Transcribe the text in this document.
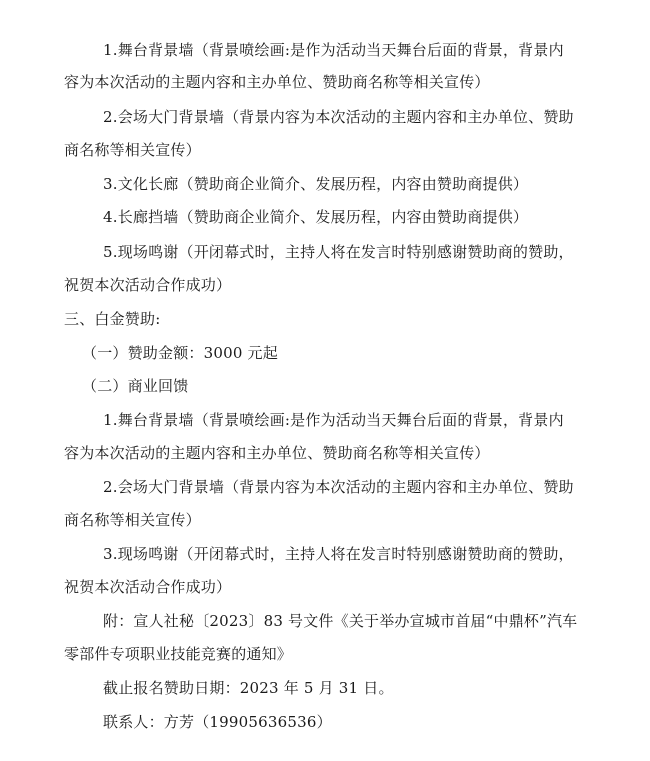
1.舞台背景墙（背景喷绘画:是作为活动当天舞台后面的背景，背景内
容为本次活动的主题内容和主办单位、赞助商名称等相关宣传）
2.会场大门背景墙（背景内容为本次活动的主题内容和主办单位、赞助
商名称等相关宣传）
3.文化长廊（赞助商企业简介、发展历程，内容由赞助商提供）
4.长廊挡墙（赞助商企业简介、发展历程，内容由赞助商提供）
5.现场鸣谢（开闭幕式时，主持人将在发言时特别感谢赞助商的赞助，
祝贺本次活动合作成功）
三、白金赞助:
（一）赞助金额：3000 元起
（二）商业回馈
1.舞台背景墙（背景喷绘画:是作为活动当天舞台后面的背景，背景内
容为本次活动的主题内容和主办单位、赞助商名称等相关宣传）
2.会场大门背景墙（背景内容为本次活动的主题内容和主办单位、赞助
商名称等相关宣传）
3.现场鸣谢（开闭幕式时，主持人将在发言时特别感谢赞助商的赞助，
祝贺本次活动合作成功）
附：宣人社秘〔2023〕83 号文件《关于举办宣城市首届“中鼎杯”汽车
零部件专项职业技能竞赛的通知》
截止报名赞助日期：2023 年 5 月 31 日。
联系人：方芳（19905636536）
